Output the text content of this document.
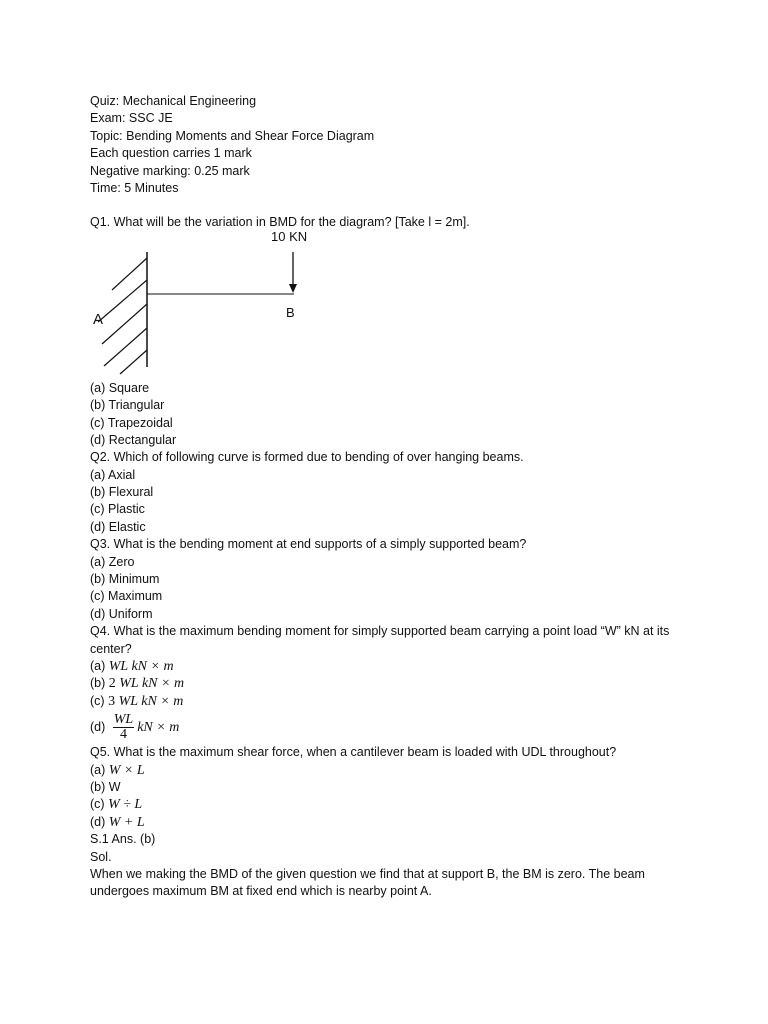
Quiz: Mechanical Engineering
Exam: SSC JE
Topic: Bending Moments and Shear Force Diagram
Each question carries 1 mark
Negative marking: 0.25 mark
Time: 5 Minutes
Q1. What will be the variation in BMD for the diagram? [Take l = 2m].
10 KN
B
A
(a) Square
(b) Triangular
(c) Trapezoidal
(d) Rectangular
Q2. Which of following curve is formed due to bending of over hanging beams.
(a) Axial
(b) Flexural
(c) Plastic
(d) Elastic
Q3. What is the bending moment at end supports of a simply supported beam?
(a) Zero
(b) Minimum
(c) Maximum
(d) Uniform
Q4. What is the maximum bending moment for simply supported beam carrying a point load “W” kN at its center?
(a) WL kN × m
(b) 2 WL kN × m
(c) 3 WL kN × m
$(d) \frac{WL}{4}$ kN × m
Q5. What is the maximum shear force, when a cantilever beam is loaded with UDL throughout?
(a) W × L
(b) W
(c) W ÷ L
(d) W + L
S.1 Ans. (b)
Sol.
When we making the BMD of the given question we find that at support B, the BM is zero. The beam undergoes maximum BM at fixed end which is nearby point A.
